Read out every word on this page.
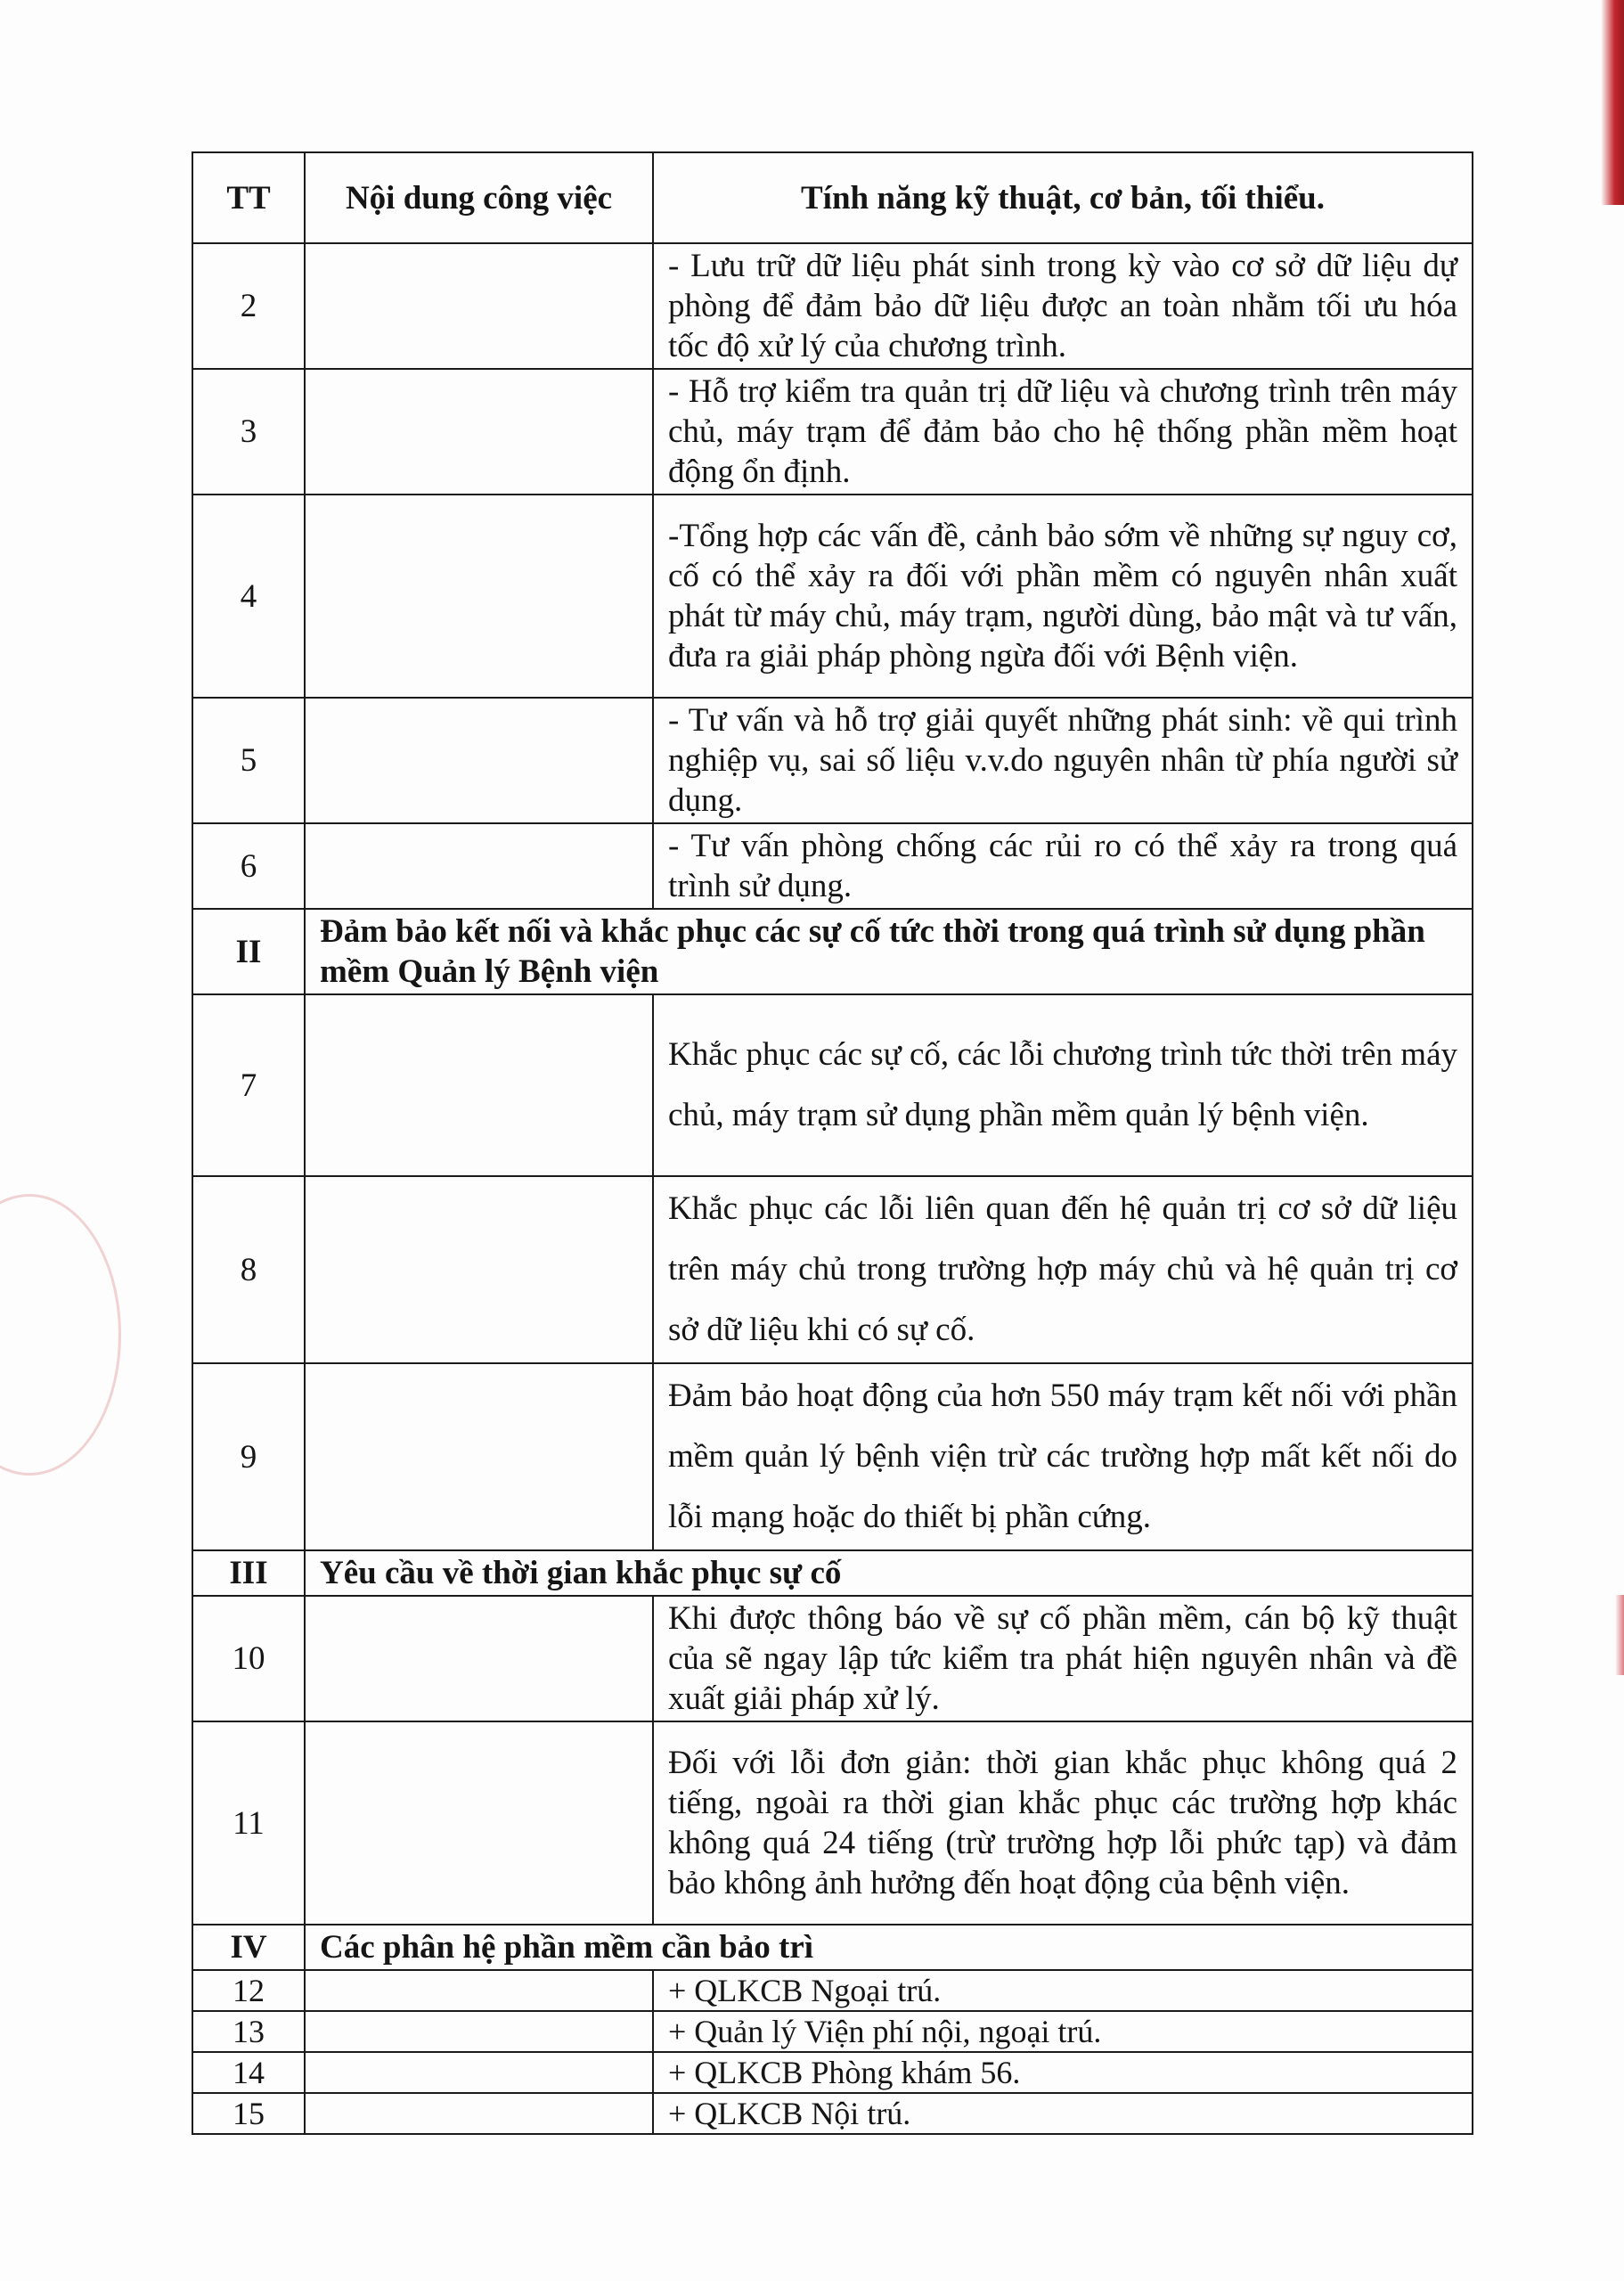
TT	Nội dung công việc	Tính năng kỹ thuật, cơ bản, tối thiểu.
2		- Lưu trữ dữ liệu phát sinh trong kỳ vào cơ sở dữ liệu dự phòng để đảm bảo dữ liệu được an toàn nhằm tối ưu hóa tốc độ xử lý của chương trình.
3		- Hỗ trợ kiểm tra quản trị dữ liệu và chương trình trên máy chủ, máy trạm để đảm bảo cho hệ thống phần mềm hoạt động ổn định.
4		-Tổng hợp các vấn đề, cảnh bảo sớm về những sự nguy cơ, cố có thể xảy ra đối với phần mềm có nguyên nhân xuất phát từ máy chủ, máy trạm, người dùng, bảo mật và tư vấn, đưa ra giải pháp phòng ngừa đối với Bệnh viện.
5		- Tư vấn và hỗ trợ giải quyết những phát sinh: về qui trình nghiệp vụ, sai số liệu v.v.do nguyên nhân từ phía người sử dụng.
6		- Tư vấn phòng chống các rủi ro có thể xảy ra trong quá trình sử dụng.
II	Đảm bảo kết nối và khắc phục các sự cố tức thời trong quá trình sử dụng phần mềm Quản lý Bệnh viện	
7		Khắc phục các sự cố, các lỗi chương trình tức thời trên máy chủ, máy trạm sử dụng phần mềm quản lý bệnh viện.
8		Khắc phục các lỗi liên quan đến hệ quản trị cơ sở dữ liệu trên máy chủ trong trường hợp máy chủ và hệ quản trị cơ sở dữ liệu khi có sự cố.
9		Đảm bảo hoạt động của hơn 550 máy trạm kết nối với phần mềm quản lý bệnh viện trừ các trường hợp mất kết nối do lỗi mạng hoặc do thiết bị phần cứng.
III	Yêu cầu về thời gian khắc phục sự cố	
10		Khi được thông báo về sự cố phần mềm, cán bộ kỹ thuật của sẽ ngay lập tức kiểm tra phát hiện nguyên nhân và đề xuất giải pháp xử lý.
11		Đối với lỗi đơn giản: thời gian khắc phục không quá 2 tiếng, ngoài ra thời gian khắc phục các trường hợp khác không quá 24 tiếng (trừ trường hợp lỗi phức tạp) và đảm bảo không ảnh hưởng đến hoạt động của bệnh viện.
IV	Các phân hệ phần mềm cần bảo trì	
12		+ QLKCB Ngoại trú.
13		+ Quản lý Viện phí nội, ngoại trú.
14		+ QLKCB Phòng khám 56.
15		+ QLKCB Nội trú.
